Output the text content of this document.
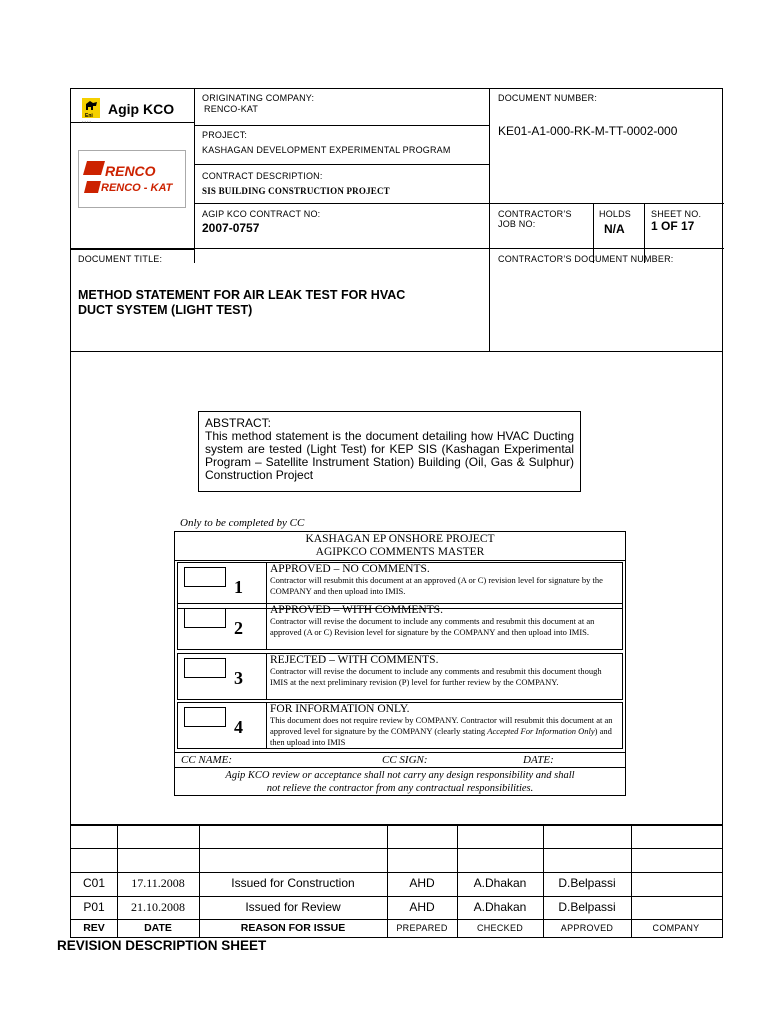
Eni
• • • •
Agip KCO
RENCO
RENCO - KAT
ORIGINATING COMPANY:
RENCO-KAT
DOCUMENT NUMBER:
KE01-A1-000-RK-M-TT-0002-000
PROJECT:
KASHAGAN DEVELOPMENT EXPERIMENTAL PROGRAM
CONTRACT DESCRIPTION:
SIS BUILDING CONSTRUCTION PROJECT
AGIP KCO CONTRACT NO:
2007-0757
CONTRACTOR’S
JOB NO:
HOLDS
N/A
SHEET NO.
1 OF 17
DOCUMENT TITLE:
METHOD STATEMENT FOR AIR LEAK TEST FOR HVAC
DUCT SYSTEM (LIGHT TEST)
CONTRACTOR’S DOCUMENT NUMBER:
ABSTRACT:
This method statement is the document detailing how HVAC Ducting system are tested (Light Test) for KEP SIS (Kashagan Experimental Program – Satellite Instrument Station) Building (Oil, Gas & Sulphur) Construction Project
Only to be completed by CC
KASHAGAN EP ONSHORE PROJECT
AGIPKCO COMMENTS MASTER
1
APPROVED – NO COMMENTS.
Contractor will resubmit this document at an approved (A or C) revision level for signature by the COMPANY and then upload into IMIS.
2
APPROVED – WITH COMMENTS.
Contractor will revise the document to include any comments and resubmit this document at an approved (A or C) Revision level for signature by the COMPANY and then upload into IMIS.
3
REJECTED – WITH COMMENTS.
Contractor will revise the document to include any comments and resubmit this document though IMIS at the next preliminary revision (P) level for further review by the COMPANY.
4
FOR INFORMATION ONLY.
This document does not require review by COMPANY. Contractor will resubmit this document at an approved level for signature by the COMPANY (clearly stating Accepted For Information Only) and then upload into IMIS
CC NAME:	CC SIGN:	DATE:
Agip KCO review or acceptance shall not carry any design responsibility and shall
not relieve the contractor from any contractual responsibilities.
C01	17.11.2008	Issued for Construction	AHD	A.Dhakan	D.Belpassi
P01	21.10.2008	Issued for Review	AHD	A.Dhakan	D.Belpassi
REV	DATE	REASON FOR ISSUE	PREPARED	CHECKED	APPROVED	COMPANY
REVISION DESCRIPTION SHEET
